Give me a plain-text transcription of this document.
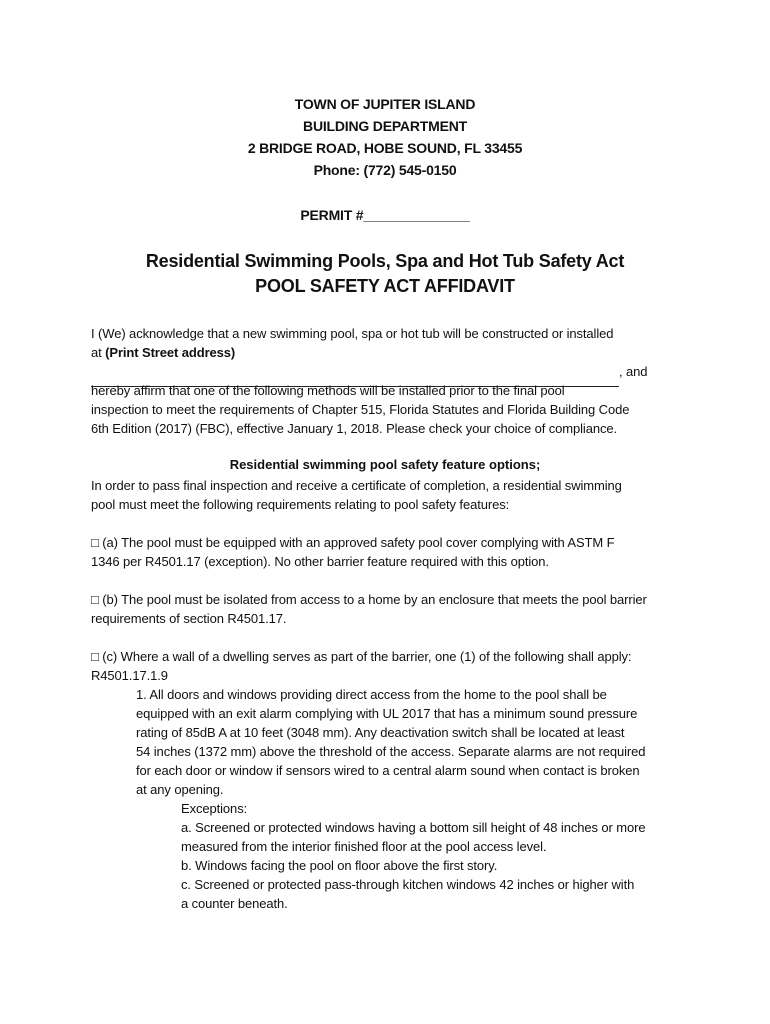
TOWN OF JUPITER ISLAND
BUILDING DEPARTMENT
2 BRIDGE ROAD, HOBE SOUND, FL 33455
Phone: (772) 545-0150
PERMIT #______________
Residential Swimming Pools, Spa and Hot Tub Safety Act
POOL SAFETY ACT AFFIDAVIT
I (We) acknowledge that a new swimming pool, spa or hot tub will be constructed or installed
at (Print Street address)
, and
hereby affirm that one of the following methods will be installed prior to the final pool
inspection to meet the requirements of Chapter 515, Florida Statutes and Florida Building Code
6th Edition (2017) (FBC), effective January 1, 2018. Please check your choice of compliance.
Residential swimming pool safety feature options;
In order to pass final inspection and receive a certificate of completion, a residential swimming
pool must meet the following requirements relating to pool safety features:
□ (a) The pool must be equipped with an approved safety pool cover complying with ASTM F
1346 per R4501.17 (exception). No other barrier feature required with this option.
□ (b) The pool must be isolated from access to a home by an enclosure that meets the pool barrier
requirements of section R4501.17.
□ (c) Where a wall of a dwelling serves as part of the barrier, one (1) of the following shall apply:
R4501.17.1.9
1. All doors and windows providing direct access from the home to the pool shall be
equipped with an exit alarm complying with UL 2017 that has a minimum sound pressure
rating of 85dB A at 10 feet (3048 mm). Any deactivation switch shall be located at least
54 inches (1372 mm) above the threshold of the access. Separate alarms are not required
for each door or window if sensors wired to a central alarm sound when contact is broken
at any opening.
Exceptions:
a. Screened or protected windows having a bottom sill height of 48 inches or more
measured from the interior finished floor at the pool access level.
b. Windows facing the pool on floor above the first story.
c. Screened or protected pass-through kitchen windows 42 inches or higher with
a counter beneath.
